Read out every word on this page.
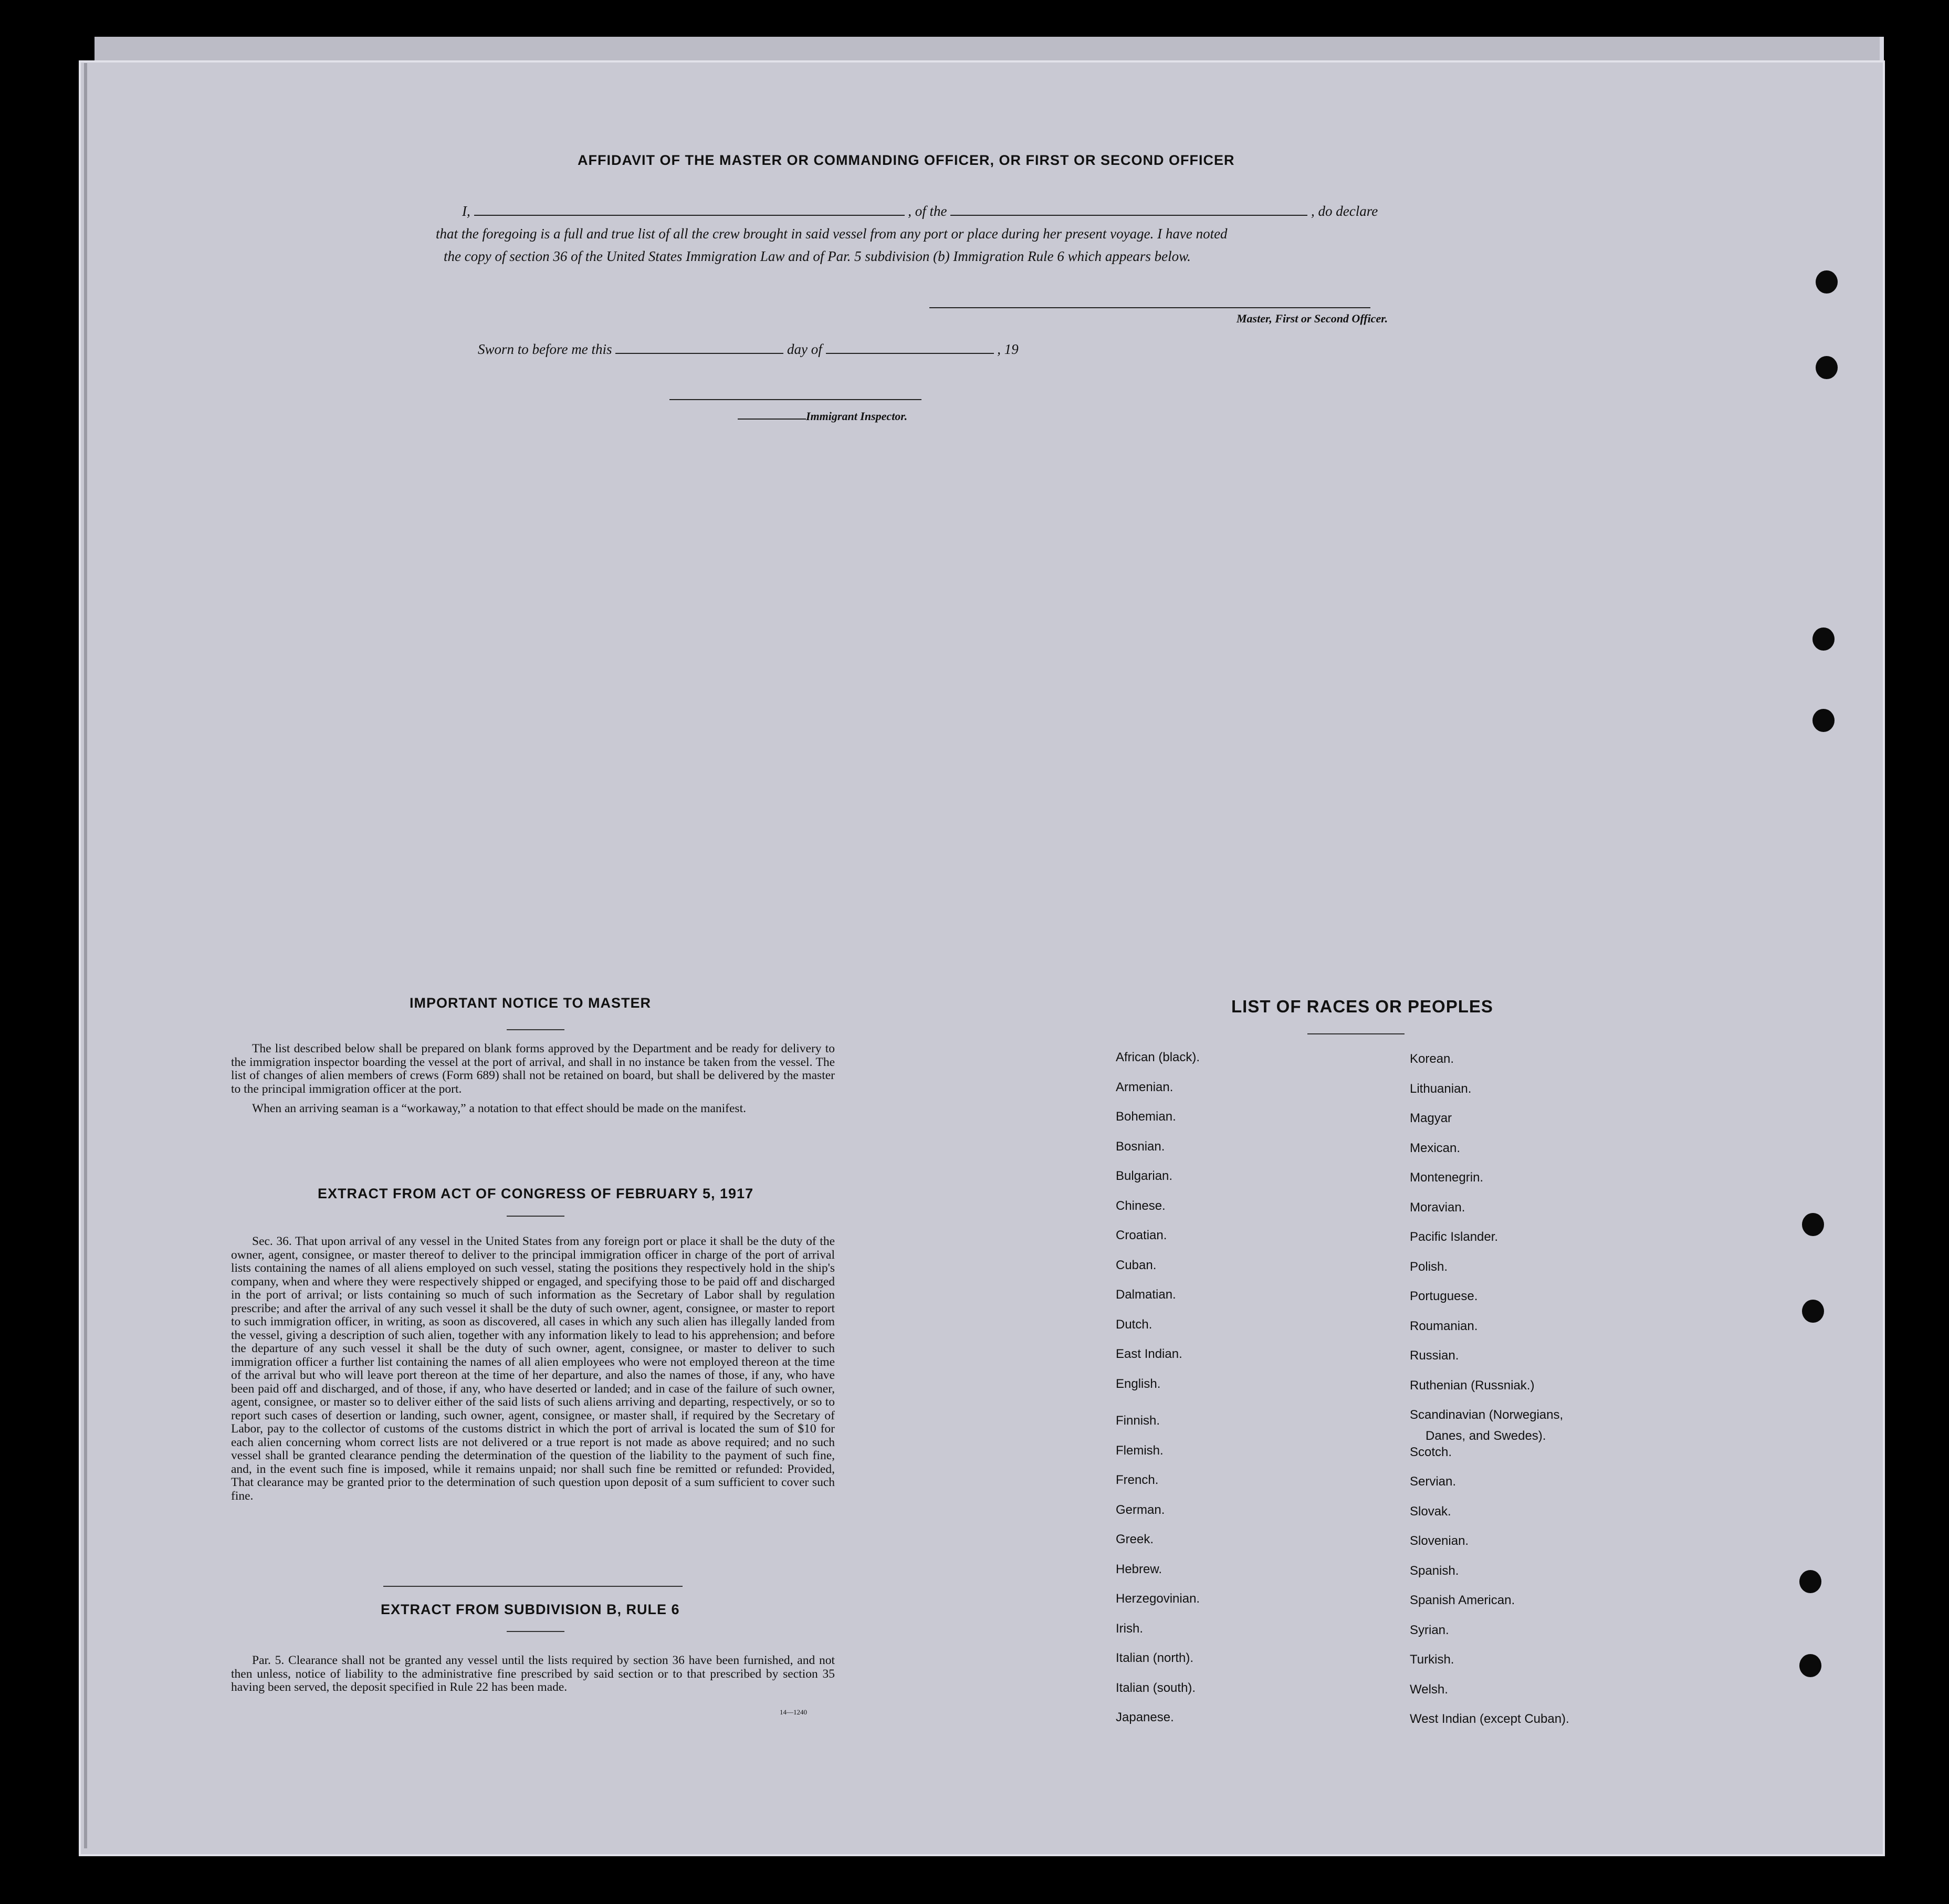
AFFIDAVIT OF THE MASTER OR COMMANDING OFFICER, OR FIRST OR SECOND OFFICER
I,	, of the	, do declare
that the foregoing is a full and true list of all the crew brought in said vessel from any port or place during her present voyage. I have noted
the copy of section 36 of the United States Immigration Law and of Par. 5 subdivision (b) Immigration Rule 6 which appears below.
Master, First or Second Officer.
Sworn to before me this	day of	, 19
Immigrant Inspector.
IMPORTANT NOTICE TO MASTER

The list described below shall be prepared on blank forms approved by the Department and be ready for delivery to the immigration inspector boarding the vessel at the port of arrival, and shall in no instance be taken from the vessel. The list of changes of alien members of crews (Form 689) shall not be retained on board, but shall be delivered by the master to the principal immigration officer at the port.

When an arriving seaman is a “workaway,” a notation to that effect should be made on the manifest.

EXTRACT FROM ACT OF CONGRESS OF FEBRUARY 5, 1917

Sec. 36. That upon arrival of any vessel in the United States from any foreign port or place it shall be the duty of the owner, agent, consignee, or master thereof to deliver to the principal immigration officer in charge of the port of arrival lists containing the names of all aliens employed on such vessel, stating the positions they respectively hold in the ship's company, when and where they were respectively shipped or engaged, and specifying those to be paid off and discharged in the port of arrival; or lists containing so much of such information as the Secretary of Labor shall by regulation prescribe; and after the arrival of any such vessel it shall be the duty of such owner, agent, consignee, or master to report to such immigration officer, in writing, as soon as discovered, all cases in which any such alien has illegally landed from the vessel, giving a description of such alien, together with any information likely to lead to his apprehension; and before the departure of any such vessel it shall be the duty of such owner, agent, consignee, or master to deliver to such immigration officer a further list containing the names of all alien employees who were not employed thereon at the time of the arrival but who will leave port thereon at the time of her departure, and also the names of those, if any, who have been paid off and discharged, and of those, if any, who have deserted or landed; and in case of the failure of such owner, agent, consignee, or master so to deliver either of the said lists of such aliens arriving and departing, respectively, or so to report such cases of desertion or landing, such owner, agent, consignee, or master shall, if required by the Secretary of Labor, pay to the collector of customs of the customs district in which the port of arrival is located the sum of $10 for each alien concerning whom correct lists are not delivered or a true report is not made as above required; and no such vessel shall be granted clearance pending the determination of the question of the liability to the payment of such fine, and, in the event such fine is imposed, while it remains unpaid; nor shall such fine be remitted or refunded: Provided, That clearance may be granted prior to the determination of such question upon deposit of a sum sufficient to cover such fine.

EXTRACT FROM SUBDIVISION B, RULE 6

Par. 5. Clearance shall not be granted any vessel until the lists required by section 36 have been furnished, and not then unless, notice of liability to the administrative fine prescribed by said section or to that prescribed by section 35 having been served, the deposit specified in Rule 22 has been made.

14—1240
LIST OF RACES OR PEOPLES
African (black).
Armenian.
Bohemian.
Bosnian.
Bulgarian.
Chinese.
Croatian.
Cuban.
Dalmatian.
Dutch.
East Indian.
English.
Finnish.
Flemish.
French.
German.
Greek.
Hebrew.
Herzegovinian.
Irish.
Italian (north).
Italian (south).
Japanese.
Korean.
Lithuanian.
Magyar
Mexican.
Montenegrin.
Moravian.
Pacific Islander.
Polish.
Portuguese.
Roumanian.
Russian.
Ruthenian (Russniak.)
Scandinavian (Norwegians,
Danes, and Swedes).
Scotch.
Servian.
Slovak.
Slovenian.
Spanish.
Spanish American.
Syrian.
Turkish.
Welsh.
West Indian (except Cuban).
